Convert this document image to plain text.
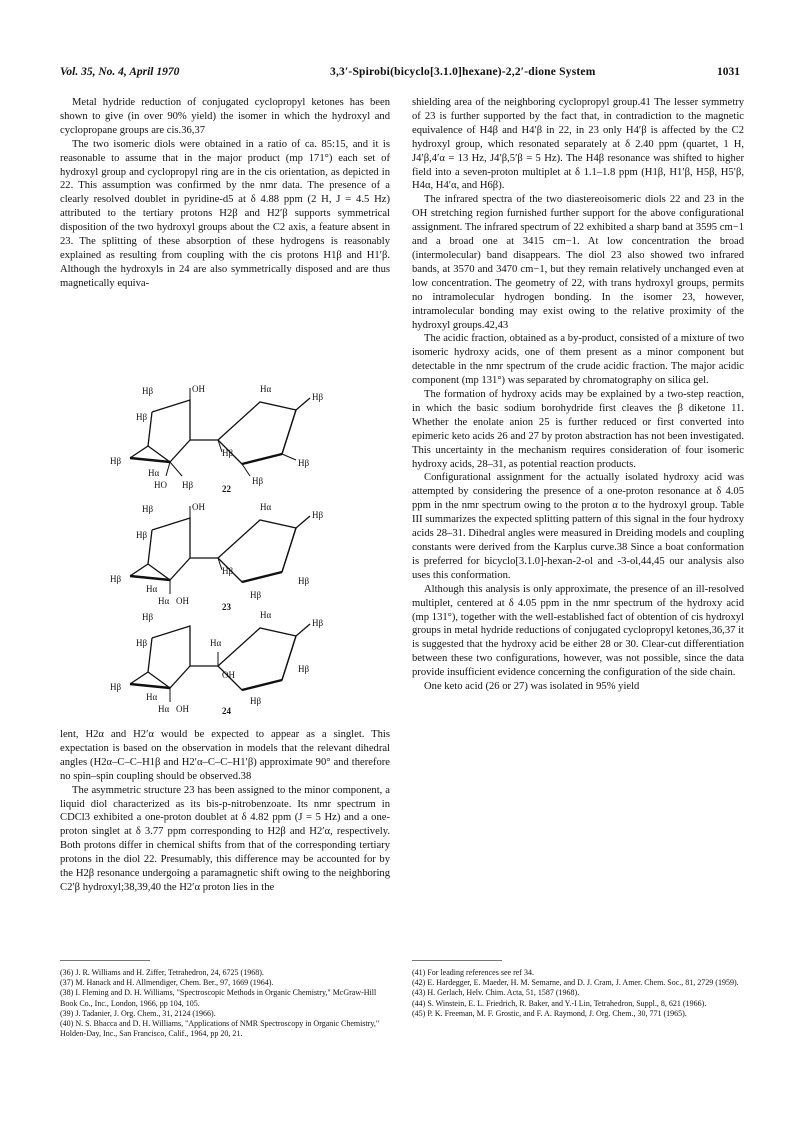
Vol. 35, No. 4, April 1970	3,3′-Spirobi(bicyclo[3.1.0]hexane)-2,2′-dione System	1031

Metal hydride reduction of conjugated cyclopropyl ketones has been shown to give (in over 90% yield) the isomer in which the hydroxyl and cyclopropane groups are cis.36,37

The two isomeric diols were obtained in a ratio of ca. 85:15, and it is reasonable to assume that in the major product (mp 171°) each set of hydroxyl group and cyclopropyl ring are in the cis orientation, as depicted in 22. This assumption was confirmed by the nmr data. The presence of a clearly resolved doublet in pyridine-d5 at δ 4.88 ppm (2 H, J = 4.5 Hz) attributed to the tertiary protons H2β and H2′β supports symmetrical disposition of the two hydroxyl groups about the C2 axis, a feature absent in 23. The splitting of these absorption of these hydrogens is reasonably explained as resulting from coupling with the cis protons H1β and H1′β. Although the hydroxyls in 24 are also symmetrically disposed and are thus magnetically equiva-

Hβ
Hβ
Hβ
Hα
HO Hβ
OH
Hβ
Hα
Hβ
Hβ
Hβ
22
Hβ
Hβ
Hβ
Hα
Hα OH
OH
Hβ
Hα
Hβ
Hβ
Hβ
23
Hβ
Hβ
Hβ
Hα
Hα OH
Hα
OH
Hα
Hβ
Hβ
Hβ
24

lent, H2α and H2′α would be expected to appear as a singlet. This expectation is based on the observation in models that the relevant dihedral angles (H2α–C–C–H1β and H2′α–C–C–H1′β) approximate 90° and therefore no spin–spin coupling should be observed.38

The asymmetric structure 23 has been assigned to the minor component, a liquid diol characterized as its bis-p-nitrobenzoate. Its nmr spectrum in CDCl3 exhibited a one-proton doublet at δ 4.82 ppm (J = 5 Hz) and a one-proton singlet at δ 3.77 ppm corresponding to H2β and H2′α, respectively. Both protons differ in chemical shifts from that of the corresponding tertiary protons in the diol 22. Presumably, this difference may be accounted for by the H2β resonance undergoing a paramagnetic shift owing to the neighboring C2′β hydroxyl;38,39,40 the H2′α proton lies in the

shielding area of the neighboring cyclopropyl group.41 The lesser symmetry of 23 is further supported by the fact that, in contradiction to the magnetic equivalence of H4β and H4′β in 22, in 23 only H4′β is affected by the C2 hydroxyl group, which resonated separately at δ 2.40 ppm (quartet, 1 H, J4′β,4′α = 13 Hz, J4′β,5′β = 5 Hz). The H4β resonance was shifted to higher field into a seven-proton multiplet at δ 1.1–1.8 ppm (H1β, H1′β, H5β, H5′β, H4α, H4′α, and H6β).

The infrared spectra of the two diastereoisomeric diols 22 and 23 in the OH stretching region furnished further support for the above configurational assignment. The infrared spectrum of 22 exhibited a sharp band at 3595 cm−1 and a broad one at 3415 cm−1. At low concentration the broad (intermolecular) band disappears. The diol 23 also showed two infrared bands, at 3570 and 3470 cm−1, but they remain relatively unchanged even at low concentration. The geometry of 22, with trans hydroxyl groups, permits no intramolecular hydrogen bonding. In the isomer 23, however, intramolecular bonding may exist owing to the relative proximity of the hydroxyl groups.42,43

The acidic fraction, obtained as a by-product, consisted of a mixture of two isomeric hydroxy acids, one of them present as a minor component but detectable in the nmr spectrum of the crude acidic fraction. The major acidic component (mp 131°) was separated by chromatography on silica gel.

The formation of hydroxy acids may be explained by a two-step reaction, in which the basic sodium borohydride first cleaves the β diketone 11. Whether the enolate anion 25 is further reduced or first converted into epimeric keto acids 26 and 27 by proton abstraction has not been investigated. This uncertainty in the mechanism requires consideration of four isomeric hydroxy acids, 28–31, as potential reaction products.

Configurational assignment for the actually isolated hydroxy acid was attempted by considering the presence of a one-proton resonance at δ 4.05 ppm in the nmr spectrum owing to the proton α to the hydroxyl group. Table III summarizes the expected splitting pattern of this signal in the four hydroxy acids 28–31. Dihedral angles were measured in Dreiding models and coupling constants were derived from the Karplus curve.38 Since a boat conformation is preferred for bicyclo[3.1.0]-hexan-2-ol and -3-ol,44,45 our analysis also uses this conformation.

Although this analysis is only approximate, the presence of an ill-resolved multiplet, centered at δ 4.05 ppm in the nmr spectrum of the hydroxy acid (mp 131°), together with the well-established fact of obtention of cis hydroxyl groups in metal hydride reductions of conjugated cyclopropyl ketones,36,37 it is suggested that the hydroxy acid be either 28 or 30. Clear-cut differentiation between these two configurations, however, was not possible, since the data provide insufficient evidence concerning the configuration of the side chain.

One keto acid (26 or 27) was isolated in 95% yield

(36) J. R. Williams and H. Ziffer, Tetrahedron, 24, 6725 (1968).
(37) M. Hanack and H. Allmendiger, Chem. Ber., 97, 1669 (1964).
(38) I. Fleming and D. H. Williams, "Spectroscopic Methods in Organic Chemistry," McGraw-Hill Book Co., Inc., London, 1966, pp 104, 105.
(39) J. Tadanier, J. Org. Chem., 31, 2124 (1966).
(40) N. S. Bhacca and D. H. Williams, "Applications of NMR Spectroscopy in Organic Chemistry," Holden-Day, Inc., San Francisco, Calif., 1964, pp 20, 21.
(41) For leading references see ref 34.
(42) E. Hardegger, E. Maeder, H. M. Semarne, and D. J. Cram, J. Amer. Chem. Soc., 81, 2729 (1959).
(43) H. Gerlach, Helv. Chim. Acta, 51, 1587 (1968).
(44) S. Winstein, E. L. Friedrich, R. Baker, and Y.-I Lin, Tetrahedron, Suppl., 8, 621 (1966).
(45) P. K. Freeman, M. F. Grostic, and F. A. Raymond, J. Org. Chem., 30, 771 (1965).
